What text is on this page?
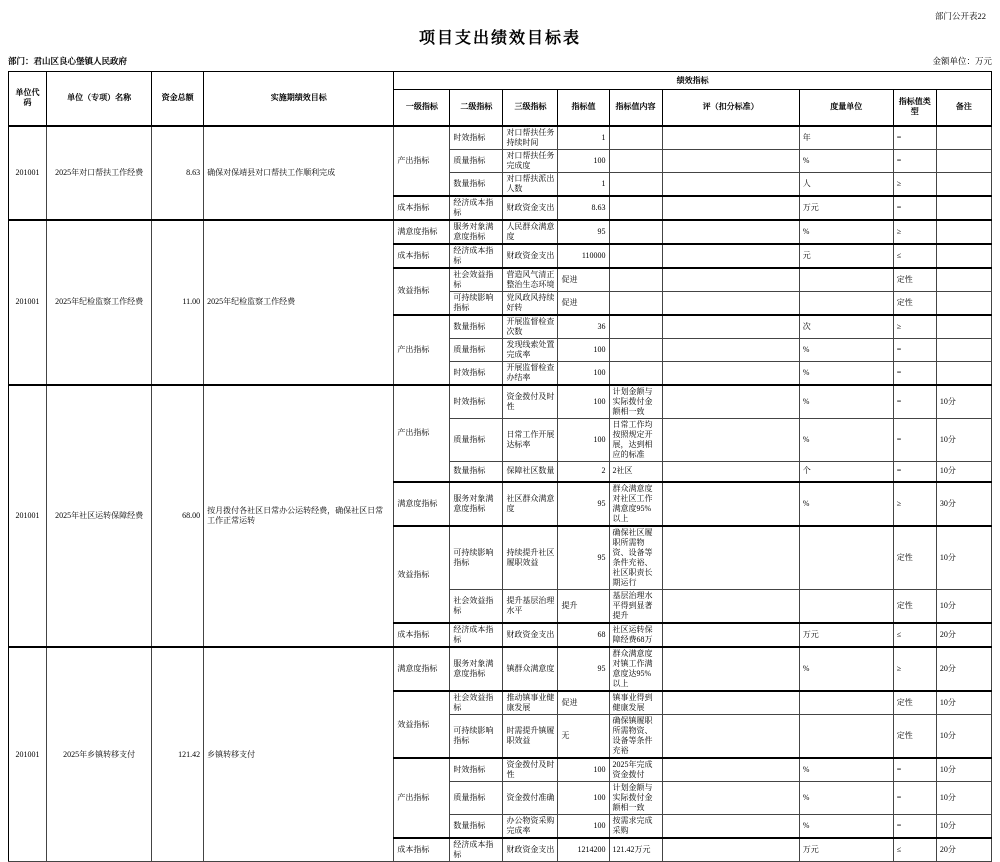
部门公开表22
项目支出绩效目标表
部门：君山区良心堡镇人民政府	金额单位：万元
单位代码	单位（专项）名称	资金总额	实施期绩效目标	绩效指标								
				一级指标	二级指标	三级指标	指标值	指标值内容	评（扣分标准）	度量单位	指标值类型	备注
201001	2025年对口帮扶工作经费	8.63	确保对保靖县对口帮扶工作顺利完成	产出指标	时效指标	对口帮扶任务持续时间	1			年	=	
					质量指标	对口帮扶任务完成度	100			%	=	
					数量指标	对口帮扶派出人数	1			人	≥	
				成本指标	经济成本指标	财政资金支出	8.63			万元	=	
201001	2025年纪检监察工作经费	11.00	2025年纪检监察工作经费	满意度指标	服务对象满意度指标	人民群众满意度	95			%	≥	
				成本指标	经济成本指标	财政资金支出	110000			元	≤	
				效益指标	社会效益指标	营造风气清正整治生态环境	促进				定性	
					可持续影响指标	党风政风持续好转	促进				定性	
				产出指标	数量指标	开展监督检查次数	36			次	≥	
					质量指标	发现线索处置完成率	100			%	=	
					时效指标	开展监督检查办结率	100			%	=	
201001	2025年社区运转保障经费	68.00	按月拨付各社区日常办公运转经费，确保社区日常工作正常运转	产出指标	时效指标	资金拨付及时性	100	计划金额与实际拨付金额相一致		%	=	10分
					质量指标	日常工作开展达标率	100	日常工作均按照规定开展，达到相应的标准		%	=	10分
					数量指标	保障社区数量	2	2社区		个	=	10分
				满意度指标	服务对象满意度指标	社区群众满意度	95	群众满意度对社区工作满意度95%以上		%	≥	30分
				效益指标	可持续影响指标	持续提升社区履职效益	95	确保社区履职所需物资、设备等条件充裕、社区职责长期运行			定性	10分
					社会效益指标	提升基层治理水平	提升	基层治理水平得到显著提升			定性	10分
				成本指标	经济成本指标	财政资金支出	68	社区运转保障经费68万		万元	≤	20分
201001	2025年乡镇转移支付	121.42	乡镇转移支付	满意度指标	服务对象满意度指标	镇群众满意度	95	群众满意度对镇工作满意度达95%以上		%	≥	20分
				效益指标	社会效益指标	推动镇事业健康发展	促进	镇事业得到健康发展			定性	10分
					可持续影响指标	时需提升镇履职效益	无	确保镇履职所需物资、设备等条件充裕			定性	10分
				产出指标	时效指标	资金拨付及时性	100	2025年完成资金拨付		%	=	10分
					质量指标	资金拨付准确	100	计划金额与实际拨付金额相一致		%	=	10分
					数量指标	办公物资采购完成率	100	按需求完成采购		%	=	10分
				成本指标	经济成本指标	财政资金支出	1214200	121.42万元		万元	≤	20分
